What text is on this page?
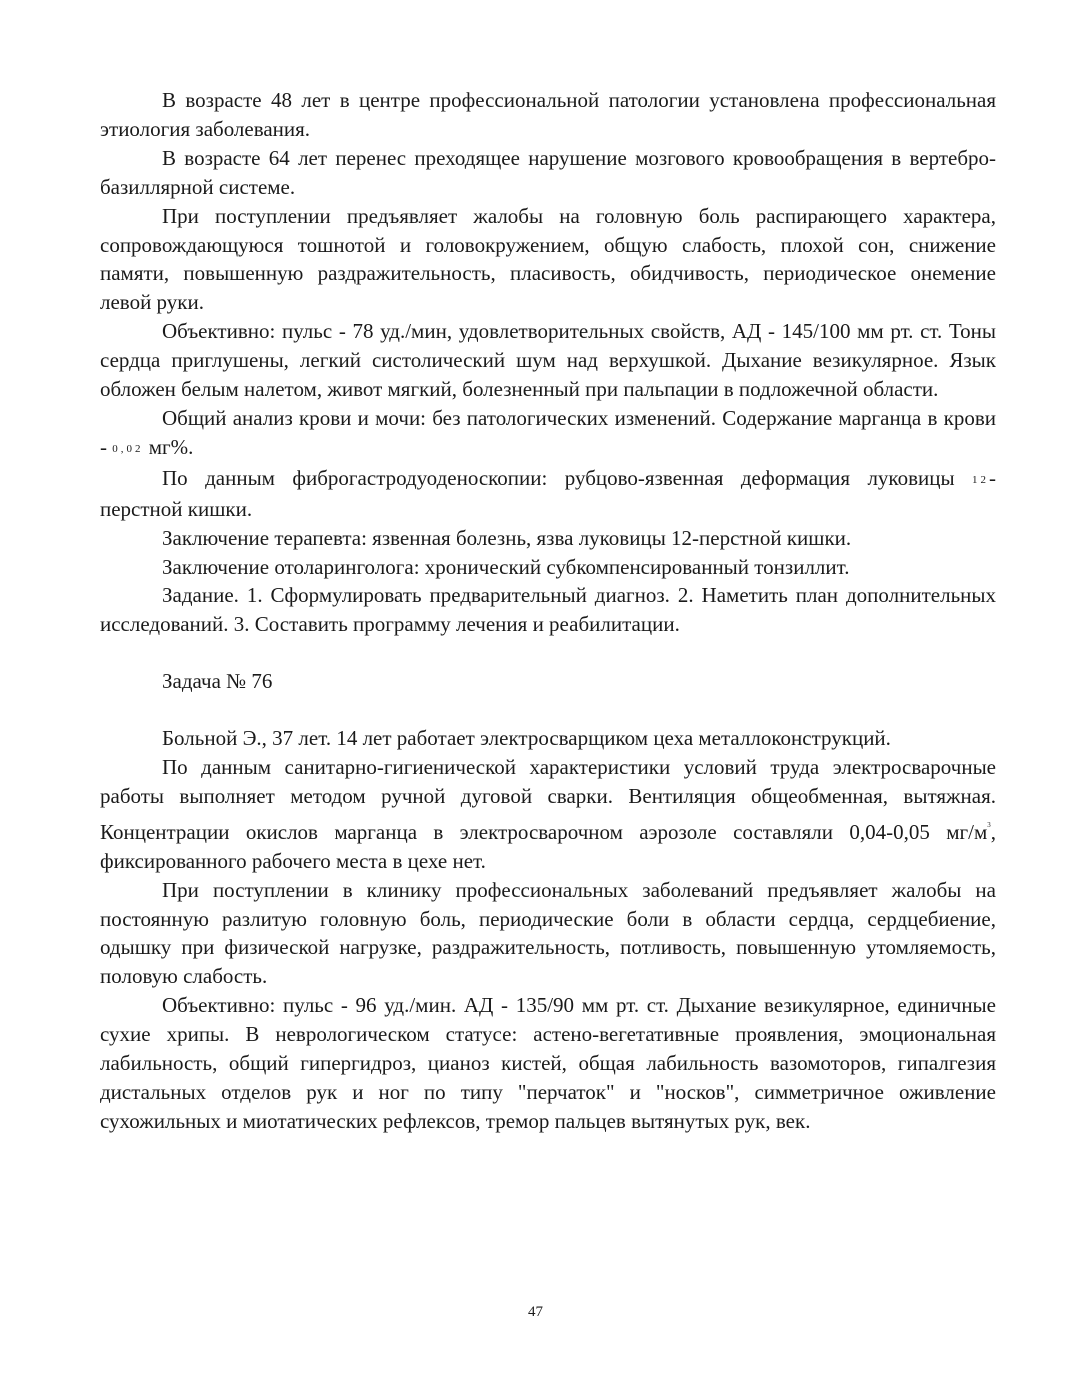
В возрасте 48 лет в центре профессиональной патологии установлена профессиональная этиология заболевания.

В возрасте 64 лет перенес преходящее нарушение мозгового кровообращения в вертебро-базиллярной системе.

При поступлении предъявляет жалобы на головную боль распирающего характера, сопровождающуюся тошнотой и головокружением, общую слабость, плохой сон, снижение памяти, повышенную раздражительность, пласивость, обидчивость, периодическое онемение левой руки.

Объективно: пульс - 78 уд./мин, удовлетворительных свойств, АД - 145/100 мм рт. ст. Тоны сердца приглушены, легкий систолический шум над верхушкой. Дыхание везикулярное. Язык обложен белым налетом, живот мягкий, болезненный при пальпации в подложечной области.

Общий анализ крови и мочи: без патологических изменений. Содержание марганца в крови - 0,02 мг%.

По данным фиброгастродуоденоскопии: рубцово-язвенная деформация луковицы 12-перстной кишки.

Заключение терапевта: язвенная болезнь, язва луковицы 12-перстной кишки.

Заключение отоларинголога: хронический субкомпенсированный тонзиллит.

Задание. 1. Сформулировать предварительный диагноз. 2. Наметить план дополнительных исследований. 3. Составить программу лечения и реабилитации.

Задача № 76

Больной Э., 37 лет. 14 лет работает электросварщиком цеха металлоконструкций.

По данным санитарно-гигиенической характеристики условий труда электросварочные работы выполняет методом ручной дуговой сварки. Вентиляция общеобменная, вытяжная. Концентрации окислов марганца в электросварочном аэрозоле составляли 0,04-0,05 $мг/м^3$, фиксированного рабочего места в цехе нет.

При поступлении в клинику профессиональных заболеваний предъявляет жалобы на постоянную разлитую головную боль, периодические боли в области сердца, сердцебиение, одышку при физической нагрузке, раздражительность, потливость, повышенную утомляемость, половую слабость.

Объективно: пульс - 96 уд./мин. АД - 135/90 мм рт. ст. Дыхание везикулярное, единичные сухие хрипы. В неврологическом статусе: астено-вегетативные проявления, эмоциональная лабильность, общий гипергидроз, цианоз кистей, общая лабильность вазомоторов, гипалгезия дистальных отделов рук и ног по типу "перчаток" и "носков", симметричное оживление сухожильных и миотатических рефлексов, тремор пальцев вытянутых рук, век.

47
